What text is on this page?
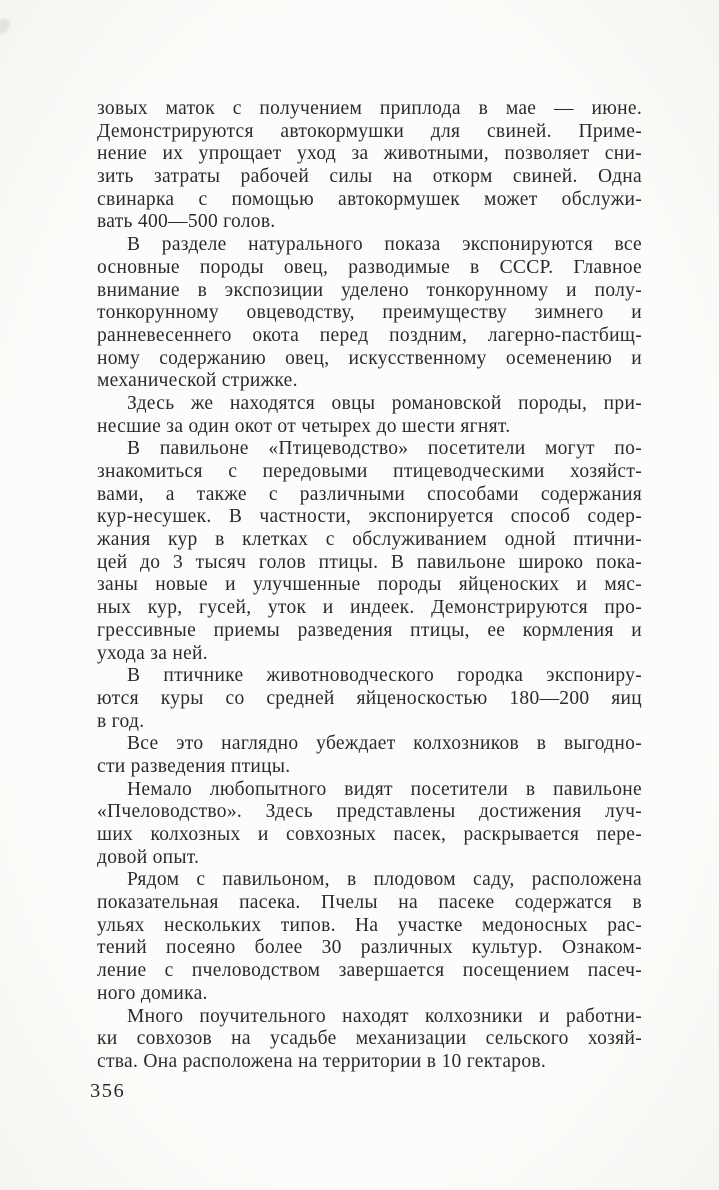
зовых маток с получением приплода в мае — июне.
Демонстрируются автокормушки для свиней. Приме-
нение их упрощает уход за животными, позволяет сни-
зить затраты рабочей силы на откорм свиней. Одна
свинарка с помощью автокормушек может обслужи-
вать 400—500 голов.
В разделе натурального показа экспонируются все
основные породы овец, разводимые в СССР. Главное
внимание в экспозиции уделено тонкорунному и полу-
тонкорунному овцеводству, преимуществу зимнего и
ранневесеннего окота перед поздним, лагерно-пастбищ-
ному содержанию овец, искусственному осеменению и
механической стрижке.
Здесь же находятся овцы романовской породы, при-
несшие за один окот от четырех до шести ягнят.
В павильоне «Птицеводство» посетители могут по-
знакомиться с передовыми птицеводческими хозяйст-
вами, а также с различными способами содержания
кур-несушек. В частности, экспонируется способ содер-
жания кур в клетках с обслуживанием одной птични-
цей до 3 тысяч голов птицы. В павильоне широко пока-
заны новые и улучшенные породы яйценоских и мяс-
ных кур, гусей, уток и индеек. Демонстрируются про-
грессивные приемы разведения птицы, ее кормления и
ухода за ней.
В птичнике животноводческого городка экспониру-
ются куры со средней яйценоскостью 180—200 яиц
в год.
Все это наглядно убеждает колхозников в выгодно-
сти разведения птицы.
Немало любопытного видят посетители в павильоне
«Пчеловодство». Здесь представлены достижения луч-
ших колхозных и совхозных пасек, раскрывается пере-
довой опыт.
Рядом с павильоном, в плодовом саду, расположена
показательная пасека. Пчелы на пасеке содержатся в
ульях нескольких типов. На участке медоносных рас-
тений посеяно более 30 различных культур. Ознаком-
ление с пчеловодством завершается посещением пасеч-
ного домика.
Много поучительного находят колхозники и работни-
ки совхозов на усадьбе механизации сельского хозяй-
ства. Она расположена на территории в 10 гектаров.
356
